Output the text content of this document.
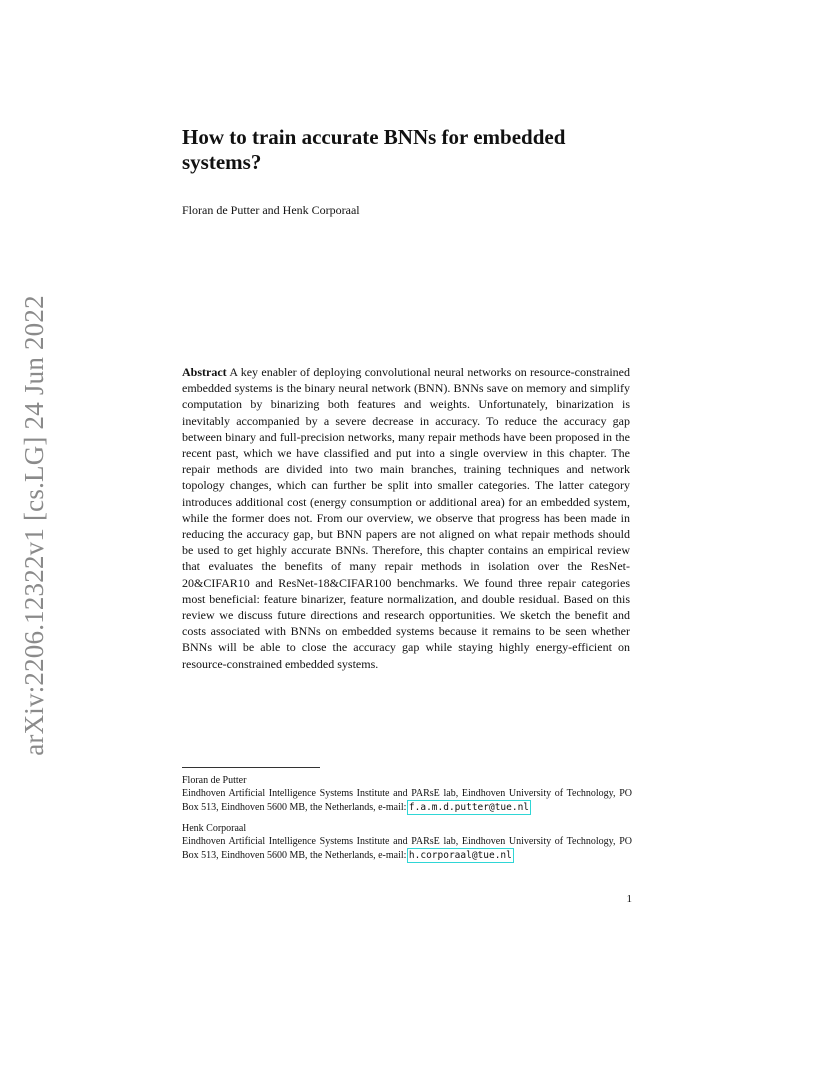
arXiv:2206.12322v1 [cs.LG] 24 Jun 2022
How to train accurate BNNs for embedded systems?
Floran de Putter and Henk Corporaal

Abstract A key enabler of deploying convolutional neural networks on resource-constrained embedded systems is the binary neural network (BNN). BNNs save on memory and simplify computation by binarizing both features and weights. Unfortunately, binarization is inevitably accompanied by a severe decrease in accuracy. To reduce the accuracy gap between binary and full-precision networks, many repair methods have been proposed in the recent past, which we have classified and put into a single overview in this chapter. The repair methods are divided into two main branches, training techniques and network topology changes, which can further be split into smaller categories. The latter category introduces additional cost (energy consumption or additional area) for an embedded system, while the former does not. From our overview, we observe that progress has been made in reducing the accuracy gap, but BNN papers are not aligned on what repair methods should be used to get highly accurate BNNs. Therefore, this chapter contains an empirical review that evaluates the benefits of many repair methods in isolation over the ResNet-20&CIFAR10 and ResNet-18&CIFAR100 benchmarks. We found three repair categories most beneficial: feature binarizer, feature normalization, and double residual. Based on this review we discuss future directions and research opportunities. We sketch the benefit and costs associated with BNNs on embedded systems because it remains to be seen whether BNNs will be able to close the accuracy gap while staying highly energy-efficient on resource-constrained embedded systems.

Floran de Putter
Eindhoven Artificial Intelligence Systems Institute and PARsE lab, Eindhoven University of Technology, PO Box 513, Eindhoven 5600 MB, the Netherlands, e-mail: f.a.m.d.putter@tue.nl
Henk Corporaal
Eindhoven Artificial Intelligence Systems Institute and PARsE lab, Eindhoven University of Technology, PO Box 513, Eindhoven 5600 MB, the Netherlands, e-mail: h.corporaal@tue.nl
1
